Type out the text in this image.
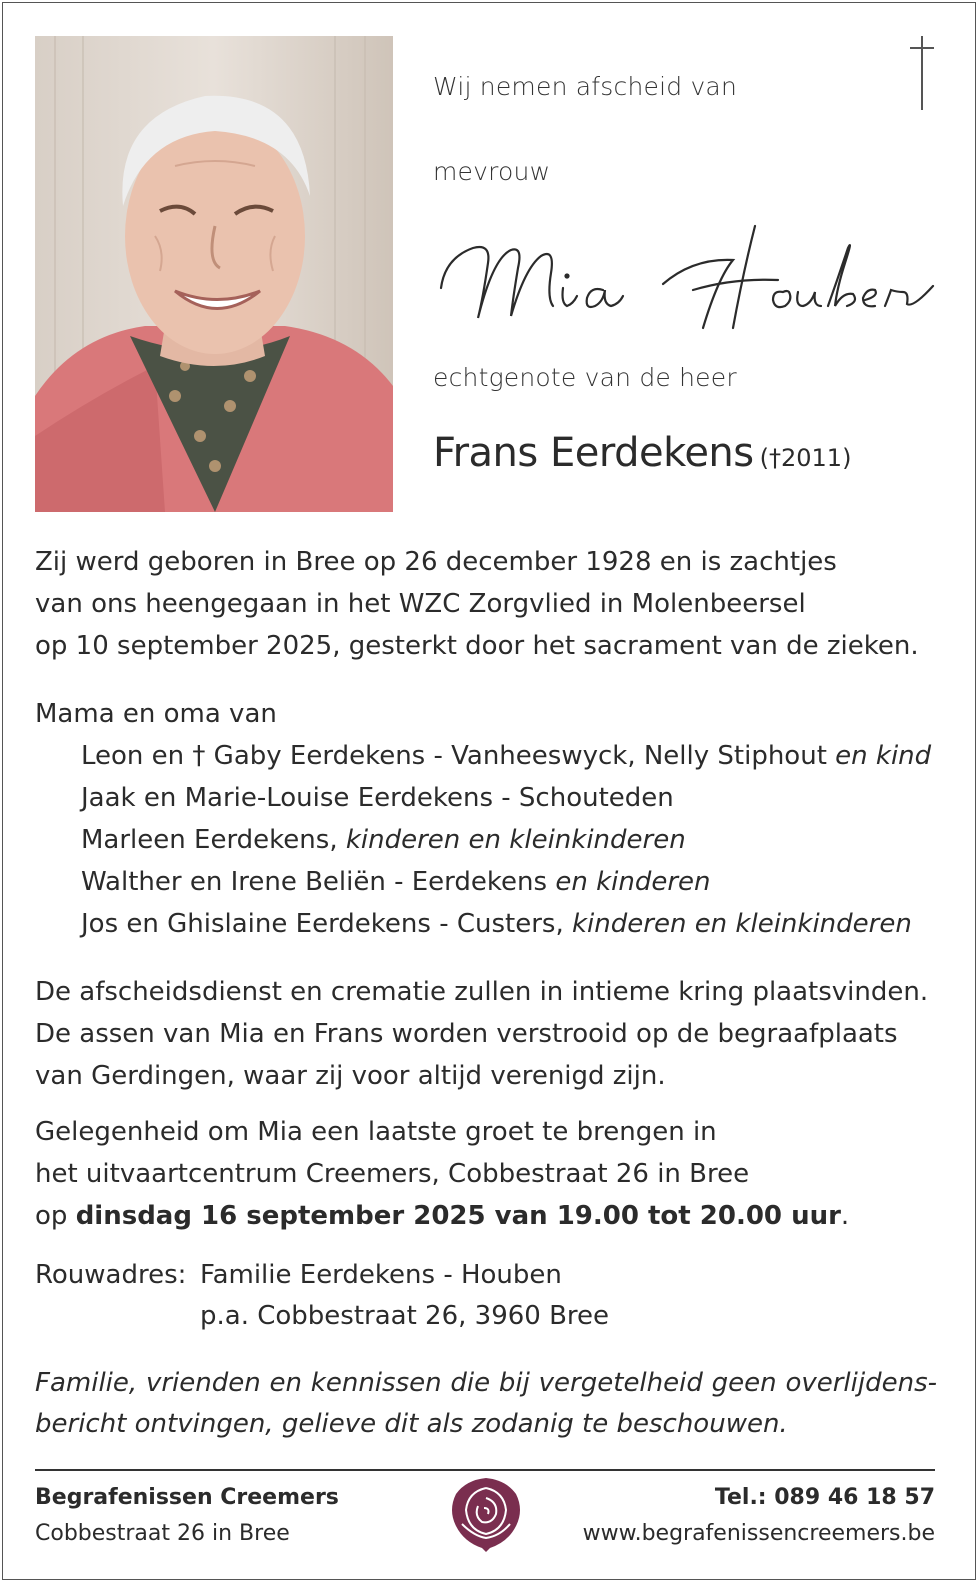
Wij nemen afscheid van
mevrouw
echtgenote van de heer
Frans Eerdekens (†2011)
Zij werd geboren in Bree op 26 december 1928 en is zachtjes
van ons heengegaan in het WZC Zorgvlied in Molenbeersel
op 10 september 2025, gesterkt door het sacrament van de zieken.
Mama en oma van
Leon en † Gaby Eerdekens - Vanheeswyck, Nelly Stiphout en kind
Jaak en Marie-Louise Eerdekens - Schouteden
Marleen Eerdekens, kinderen en kleinkinderen
Walther en Irene Beliën - Eerdekens en kinderen
Jos en Ghislaine Eerdekens - Custers, kinderen en kleinkinderen
De afscheidsdienst en crematie zullen in intieme kring plaatsvinden.
De assen van Mia en Frans worden verstrooid op de begraafplaats
van Gerdingen, waar zij voor altijd verenigd zijn.
Gelegenheid om Mia een laatste groet te brengen in
het uitvaartcentrum Creemers, Cobbestraat 26 in Bree
op dinsdag 16 september 2025 van 19.00 tot 20.00 uur.
Rouwadres: Familie Eerdekens - Houben
p.a. Cobbestraat 26, 3960 Bree
Familie, vrienden en kennissen die bij vergetelheid geen overlijdens-
bericht ontvingen, gelieve dit als zodanig te beschouwen.
Begrafenissen Creemers
Cobbestraat 26 in Bree
Tel.: 089 46 18 57
www.begrafenissencreemers.be
